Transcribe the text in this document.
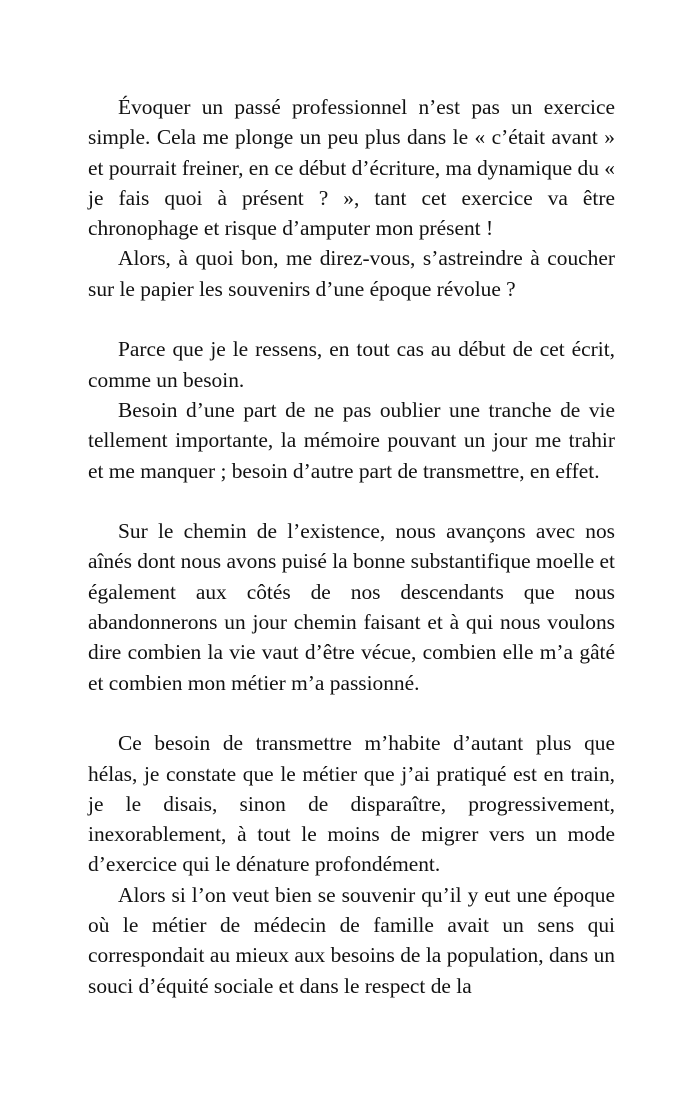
Évoquer un passé professionnel n’est pas un exercice simple. Cela me plonge un peu plus dans le « c’était avant » et pourrait freiner, en ce début d’écriture, ma dynamique du « je fais quoi à présent ? », tant cet exercice va être chronophage et risque d’amputer mon présent !

Alors, à quoi bon, me direz-vous, s’astreindre à coucher sur le papier les souvenirs d’une époque révolue ?

Parce que je le ressens, en tout cas au début de cet écrit, comme un besoin.

Besoin d’une part de ne pas oublier une tranche de vie tellement importante, la mémoire pouvant un jour me trahir et me manquer ; besoin d’autre part de transmettre, en effet.

Sur le chemin de l’existence, nous avançons avec nos aînés dont nous avons puisé la bonne substantifique moelle et également aux côtés de nos descendants que nous abandonnerons un jour chemin faisant et à qui nous voulons dire combien la vie vaut d’être vécue, combien elle m’a gâté et combien mon métier m’a passionné.

Ce besoin de transmettre m’habite d’autant plus que hélas, je constate que le métier que j’ai pratiqué est en train, je le disais, sinon de disparaître, progressivement, inexorablement, à tout le moins de migrer vers un mode d’exercice qui le dénature profondément.

Alors si l’on veut bien se souvenir qu’il y eut une époque où le métier de médecin de famille avait un sens qui correspondait au mieux aux besoins de la population, dans un souci d’équité sociale et dans le respect de la
